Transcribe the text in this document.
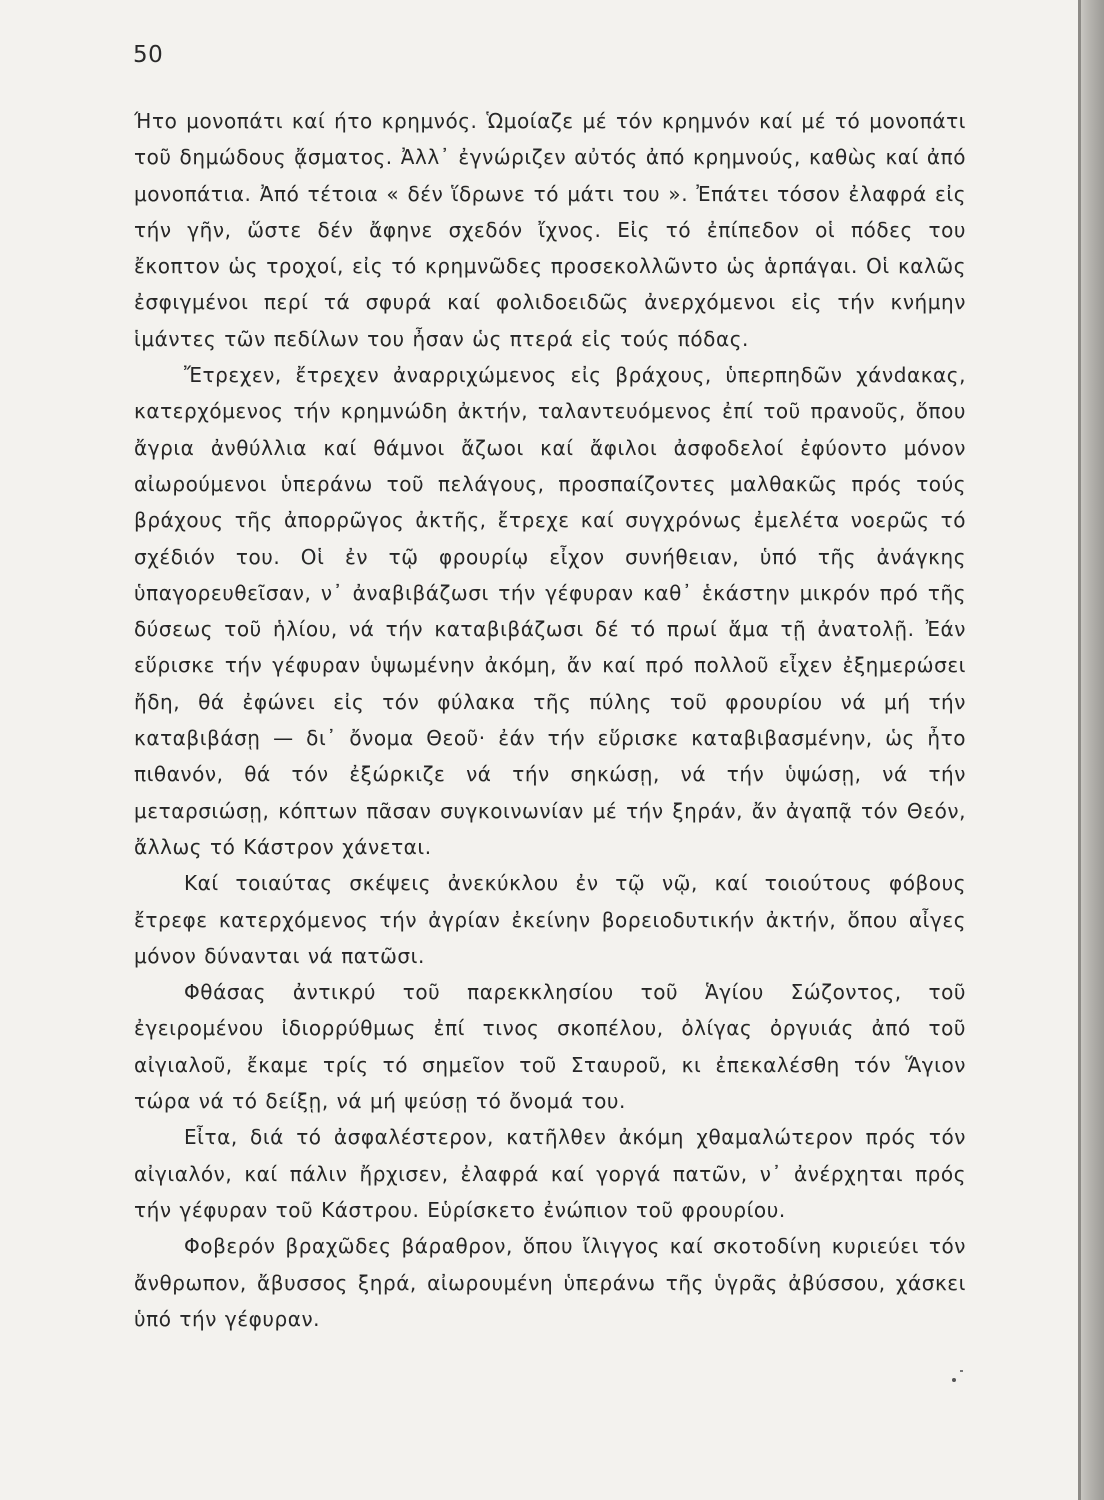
50

Ήτο μονοπάτι καί ήτο κρημνός. Ὡμοίαζε μέ τόν κρημνόν καί μέ τό μονοπάτι τοῦ δημώδους ᾄσματος. Ἀλλ᾿ ἐγνώριζεν αὐτός ἀπό κρημνούς, καθὼς καί ἀπό μονοπάτια. Ἀπό τέτοια « δέν ἵδρωνε τό μάτι του ». Ἐπάτει τόσον ἐλαφρά εἰς τήν γῆν, ὥστε δέν ἄφηνε σχεδόν ἴχνος. Εἰς τό ἐπίπεδον οἱ πόδες του ἔκοπτον ὡς τροχοί, εἰς τό κρημνῶδες προσεκολλῶντο ὡς ἁρπάγαι. Οἱ καλῶς ἐσφιγμένοι περί τά σφυρά καί φολιδοειδῶς ἀνερχόμενοι εἰς τήν κνήμην ἱμάντες τῶν πεδίλων του ἦσαν ὡς πτερά εἰς τούς πόδας.

Ἔτρεχεν, ἔτρεχεν ἀναρριχώμενος εἰς βράχους, ὑπερπηδῶν χάνdακας, κατερχόμενος τήν κρημνώδη ἀκτήν, ταλαντευόμενος ἐπί τοῦ πρανοῦς, ὅπου ἄγρια ἀνθύλλια καί θάμνοι ἄζωοι καί ἄφιλοι ἀσφοδελοί ἐφύοντο μόνον αἰωρούμενοι ὑπεράνω τοῦ πελάγους, προσπαίζοντες μαλθακῶς πρός τούς βράχους τῆς ἀπορρῶγος ἀκτῆς, ἔτρεχε καί συγχρόνως ἐμελέτα νοερῶς τό σχέδιόν του. Οἱ ἐν τῷ φρουρίῳ εἶχον συνήθειαν, ὑπό τῆς ἀνάγκης ὑπαγορευθεῖσαν, ν᾿ ἀναβιβάζωσι τήν γέφυραν καθ᾿ ἑκάστην μικρόν πρό τῆς δύσεως τοῦ ἡλίου, νά τήν καταβιβάζωσι δέ τό πρωί ἅμα τῇ ἀνατολῇ. Ἐάν εὕρισκε τήν γέφυραν ὑψωμένην ἀκόμη, ἄν καί πρό πολλοῦ εἶχεν ἐξημερώσει ἤδη, θά ἐφώνει εἰς τόν φύλακα τῆς πύλης τοῦ φρουρίου νά μή τήν καταβιβάσῃ — δι᾿ ὄνομα Θεοῦ· ἐάν τήν εὕρισκε καταβιβασμένην, ὡς ἦτο πιθανόν, θά τόν ἐξώρκιζε νά τήν σηκώσῃ, νά τήν ὑψώσῃ, νά τήν μεταρσιώσῃ, κόπτων πᾶσαν συγκοινωνίαν μέ τήν ξηράν, ἄν ἀγαπᾷ τόν Θεόν, ἄλλως τό Κάστρον χάνεται.

Καί τοιαύτας σκέψεις ἀνεκύκλου ἐν τῷ νῷ, καί τοιούτους φόβους ἔτρεφε κατερχόμενος τήν ἀγρίαν ἐκείνην βορειοδυτικήν ἀκτήν, ὅπου αἶγες μόνον δύνανται νά πατῶσι.

Φθάσας ἀντικρύ τοῦ παρεκκλησίου τοῦ Ἁγίου Σώζοντος, τοῦ ἐγειρομένου ἰδιορρύθμως ἐπί τινος σκοπέλου, ὀλίγας ὀργυιάς ἀπό τοῦ αἰγιαλοῦ, ἔκαμε τρίς τό σημεῖον τοῦ Σταυροῦ, κι ἐπεκαλέσθη τόν Ἅγιον τώρα νά τό δείξῃ, νά μή ψεύσῃ τό ὄνομά του.

Εἶτα, διά τό ἀσφαλέστερον, κατῆλθεν ἀκόμη χθαμαλώτερον πρός τόν αἰγιαλόν, καί πάλιν ἤρχισεν, ἐλαφρά καί γοργά πατῶν, ν᾿ ἀνέρχηται πρός τήν γέφυραν τοῦ Κάστρου. Εὑρίσκετο ἐνώπιον τοῦ φρουρίου.

Φοβερόν βραχῶδες βάραθρον, ὅπου ἴλιγγος καί σκοτοδίνη κυριεύει τόν ἄνθρωπον, ἄβυσσος ξηρά, αἰωρουμένη ὑπεράνω τῆς ὑγρᾶς ἀβύσσου, χάσκει ὑπό τήν γέφυραν.
